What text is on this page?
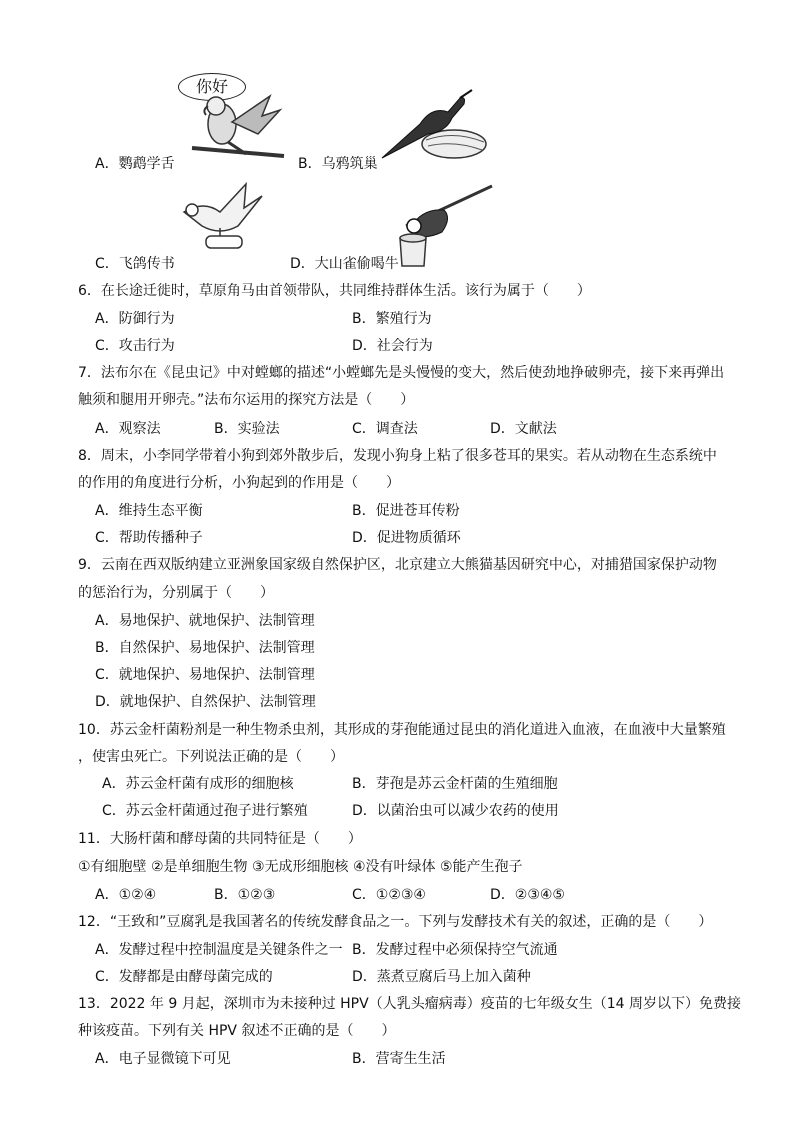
你好
A．鹦鹉学舌	B．乌鸦筑巢
C．飞鸽传书	D．大山雀偷喝牛
6．在长途迁徙时，草原角马由首领带队，共同维持群体生活。该行为属于（　　）
A．防御行为	B．繁殖行为
C．攻击行为	D．社会行为
7．法布尔在《昆虫记》中对螳螂的描述“小螳螂先是头慢慢的变大，然后使劲地挣破卵壳，接下来再弹出
触须和腿用开卵壳。”法布尔运用的探究方法是（　　）
A．观察法	B．实验法	C．调查法	D．文献法
8．周末，小李同学带着小狗到郊外散步后，发现小狗身上粘了很多苍耳的果实。若从动物在生态系统中
的作用的角度进行分析，小狗起到的作用是（　　）
A．维持生态平衡	B．促进苍耳传粉
C．帮助传播种子	D．促进物质循环
9．云南在西双版纳建立亚洲象国家级自然保护区，北京建立大熊猫基因研究中心，对捕猎国家保护动物
的惩治行为，分别属于（　　）
A．易地保护、就地保护、法制管理
B．自然保护、易地保护、法制管理
C．就地保护、易地保护、法制管理
D．就地保护、自然保护、法制管理
10．苏云金杆菌粉剂是一种生物杀虫剂，其形成的芽孢能通过昆虫的消化道进入血液，在血液中大量繁殖
，使害虫死亡。下列说法正确的是（　　）
A．苏云金杆菌有成形的细胞核	B．芽孢是苏云金杆菌的生殖细胞
C．苏云金杆菌通过孢子进行繁殖	D．以菌治虫可以减少农药的使用
11．大肠杆菌和酵母菌的共同特征是（　　）
①有细胞壁 ②是单细胞生物 ③无成形细胞核 ④没有叶绿体 ⑤能产生孢子
A．①②④	B．①②③	C．①②③④	D．②③④⑤
12．“王致和”豆腐乳是我国著名的传统发酵食品之一。下列与发酵技术有关的叙述，正确的是（　　）
A．发酵过程中控制温度是关键条件之一 B．发酵过程中必须保持空气流通
C．发酵都是由酵母菌完成的	D．蒸煮豆腐后马上加入菌种
13．2022 年 9 月起，深圳市为未接种过 HPV（人乳头瘤病毒）疫苗的七年级女生（14 周岁以下）免费接
种该疫苗。下列有关 HPV 叙述不正确的是（　　）
A．电子显微镜下可见	B．营寄生生活
